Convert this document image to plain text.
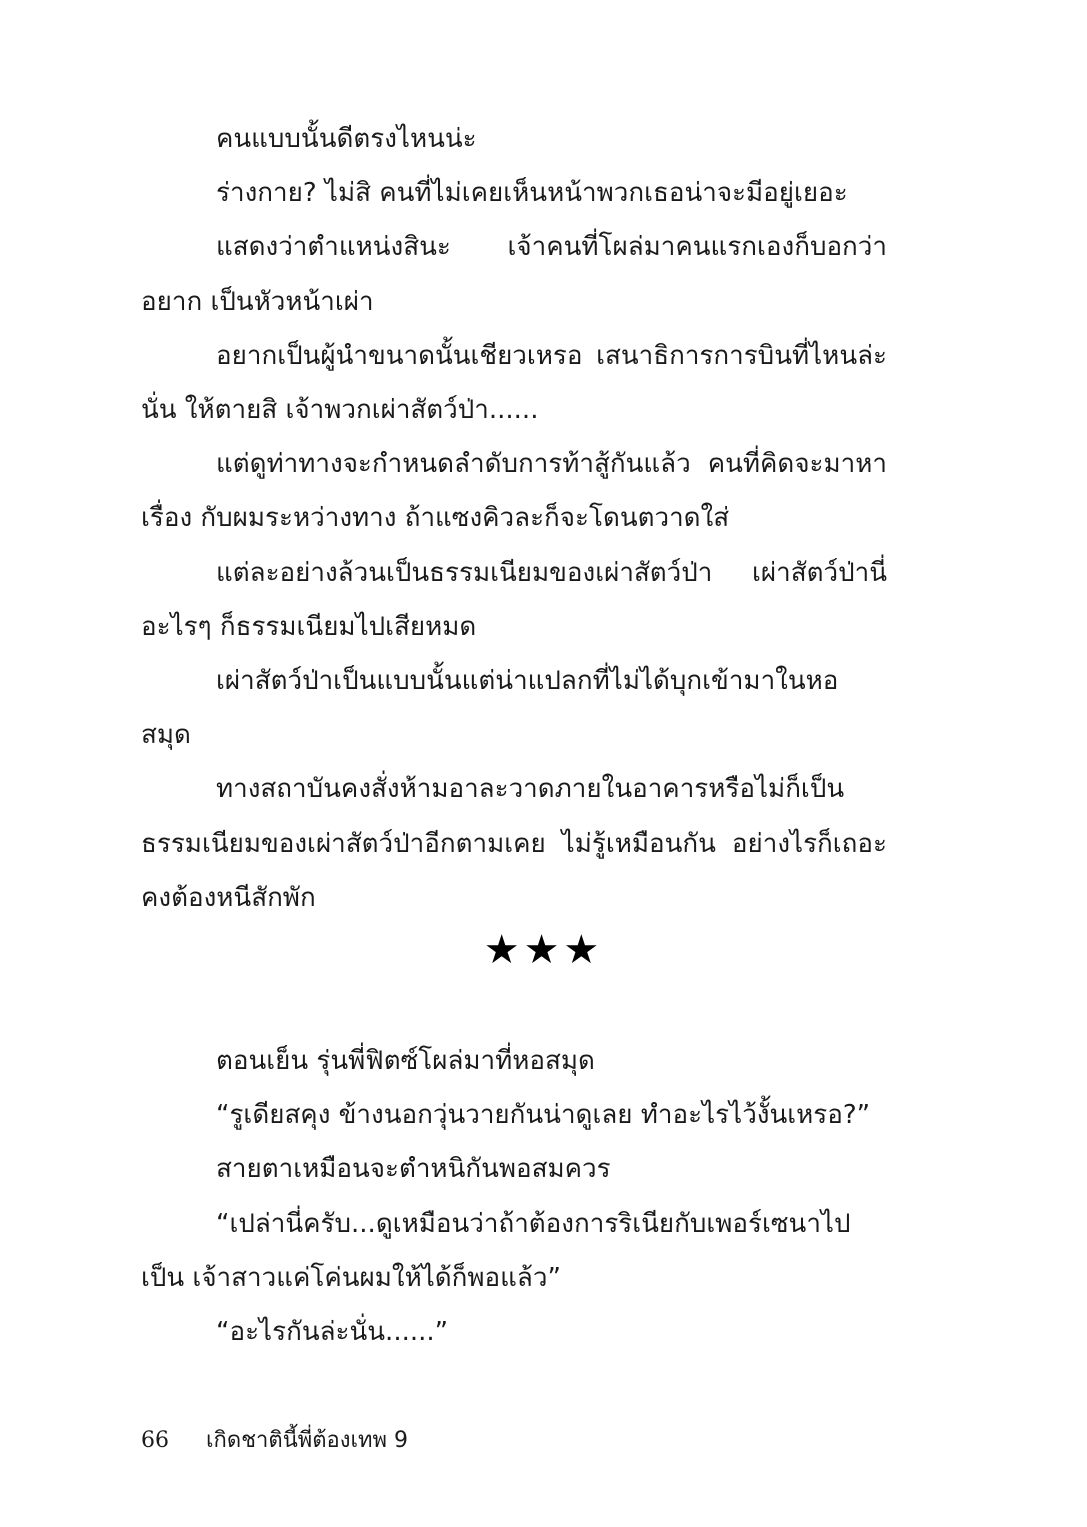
คนแบบนั้นดีตรงไหนน่ะ

ร่างกาย? ไม่สิ คนที่ไม่เคยเห็นหน้าพวกเธอน่าจะมีอยู่เยอะ

แสดงว่าตำแหน่งสินะ เจ้าคนที่โผล่มาคนแรกเองก็บอกว่าอยาก เป็นหัวหน้าเผ่า

อยากเป็นผู้นำขนาดนั้นเชียวเหรอ เสนาธิการการบินที่ไหนล่ะนั่น ให้ตายสิ เจ้าพวกเผ่าสัตว์ป่า......

แต่ดูท่าทางจะกำหนดลำดับการท้าสู้กันแล้ว คนที่คิดจะมาหาเรื่อง กับผมระหว่างทาง ถ้าแซงคิวละก็จะโดนตวาดใส่

แต่ละอย่างล้วนเป็นธรรมเนียมของเผ่าสัตว์ป่า เผ่าสัตว์ป่านี่อะไรๆ ก็ธรรมเนียมไปเสียหมด

เผ่าสัตว์ป่าเป็นแบบนั้นแต่น่าแปลกที่ไม่ได้บุกเข้ามาในหอสมุด

ทางสถาบันคงสั่งห้ามอาละวาดภายในอาคารหรือไม่ก็เป็น ธรรมเนียมของเผ่าสัตว์ป่าอีกตามเคย ไม่รู้เหมือนกัน อย่างไรก็เถอะ คงต้องหนีสักพัก

★★★

ตอนเย็น รุ่นพี่ฟิตซ์โผล่มาที่หอสมุด

“รูเดียสคุง ข้างนอกวุ่นวายกันน่าดูเลย ทำอะไรไว้งั้นเหรอ?”

สายตาเหมือนจะตำหนิกันพอสมควร

“เปล่านี่ครับ...ดูเหมือนว่าถ้าต้องการริเนียกับเพอร์เซนาไปเป็น เจ้าสาวแค่โค่นผมให้ได้ก็พอแล้ว”

“อะไรกันล่ะนั่น......”

66 เกิดชาตินี้พี่ต้องเทพ 9
